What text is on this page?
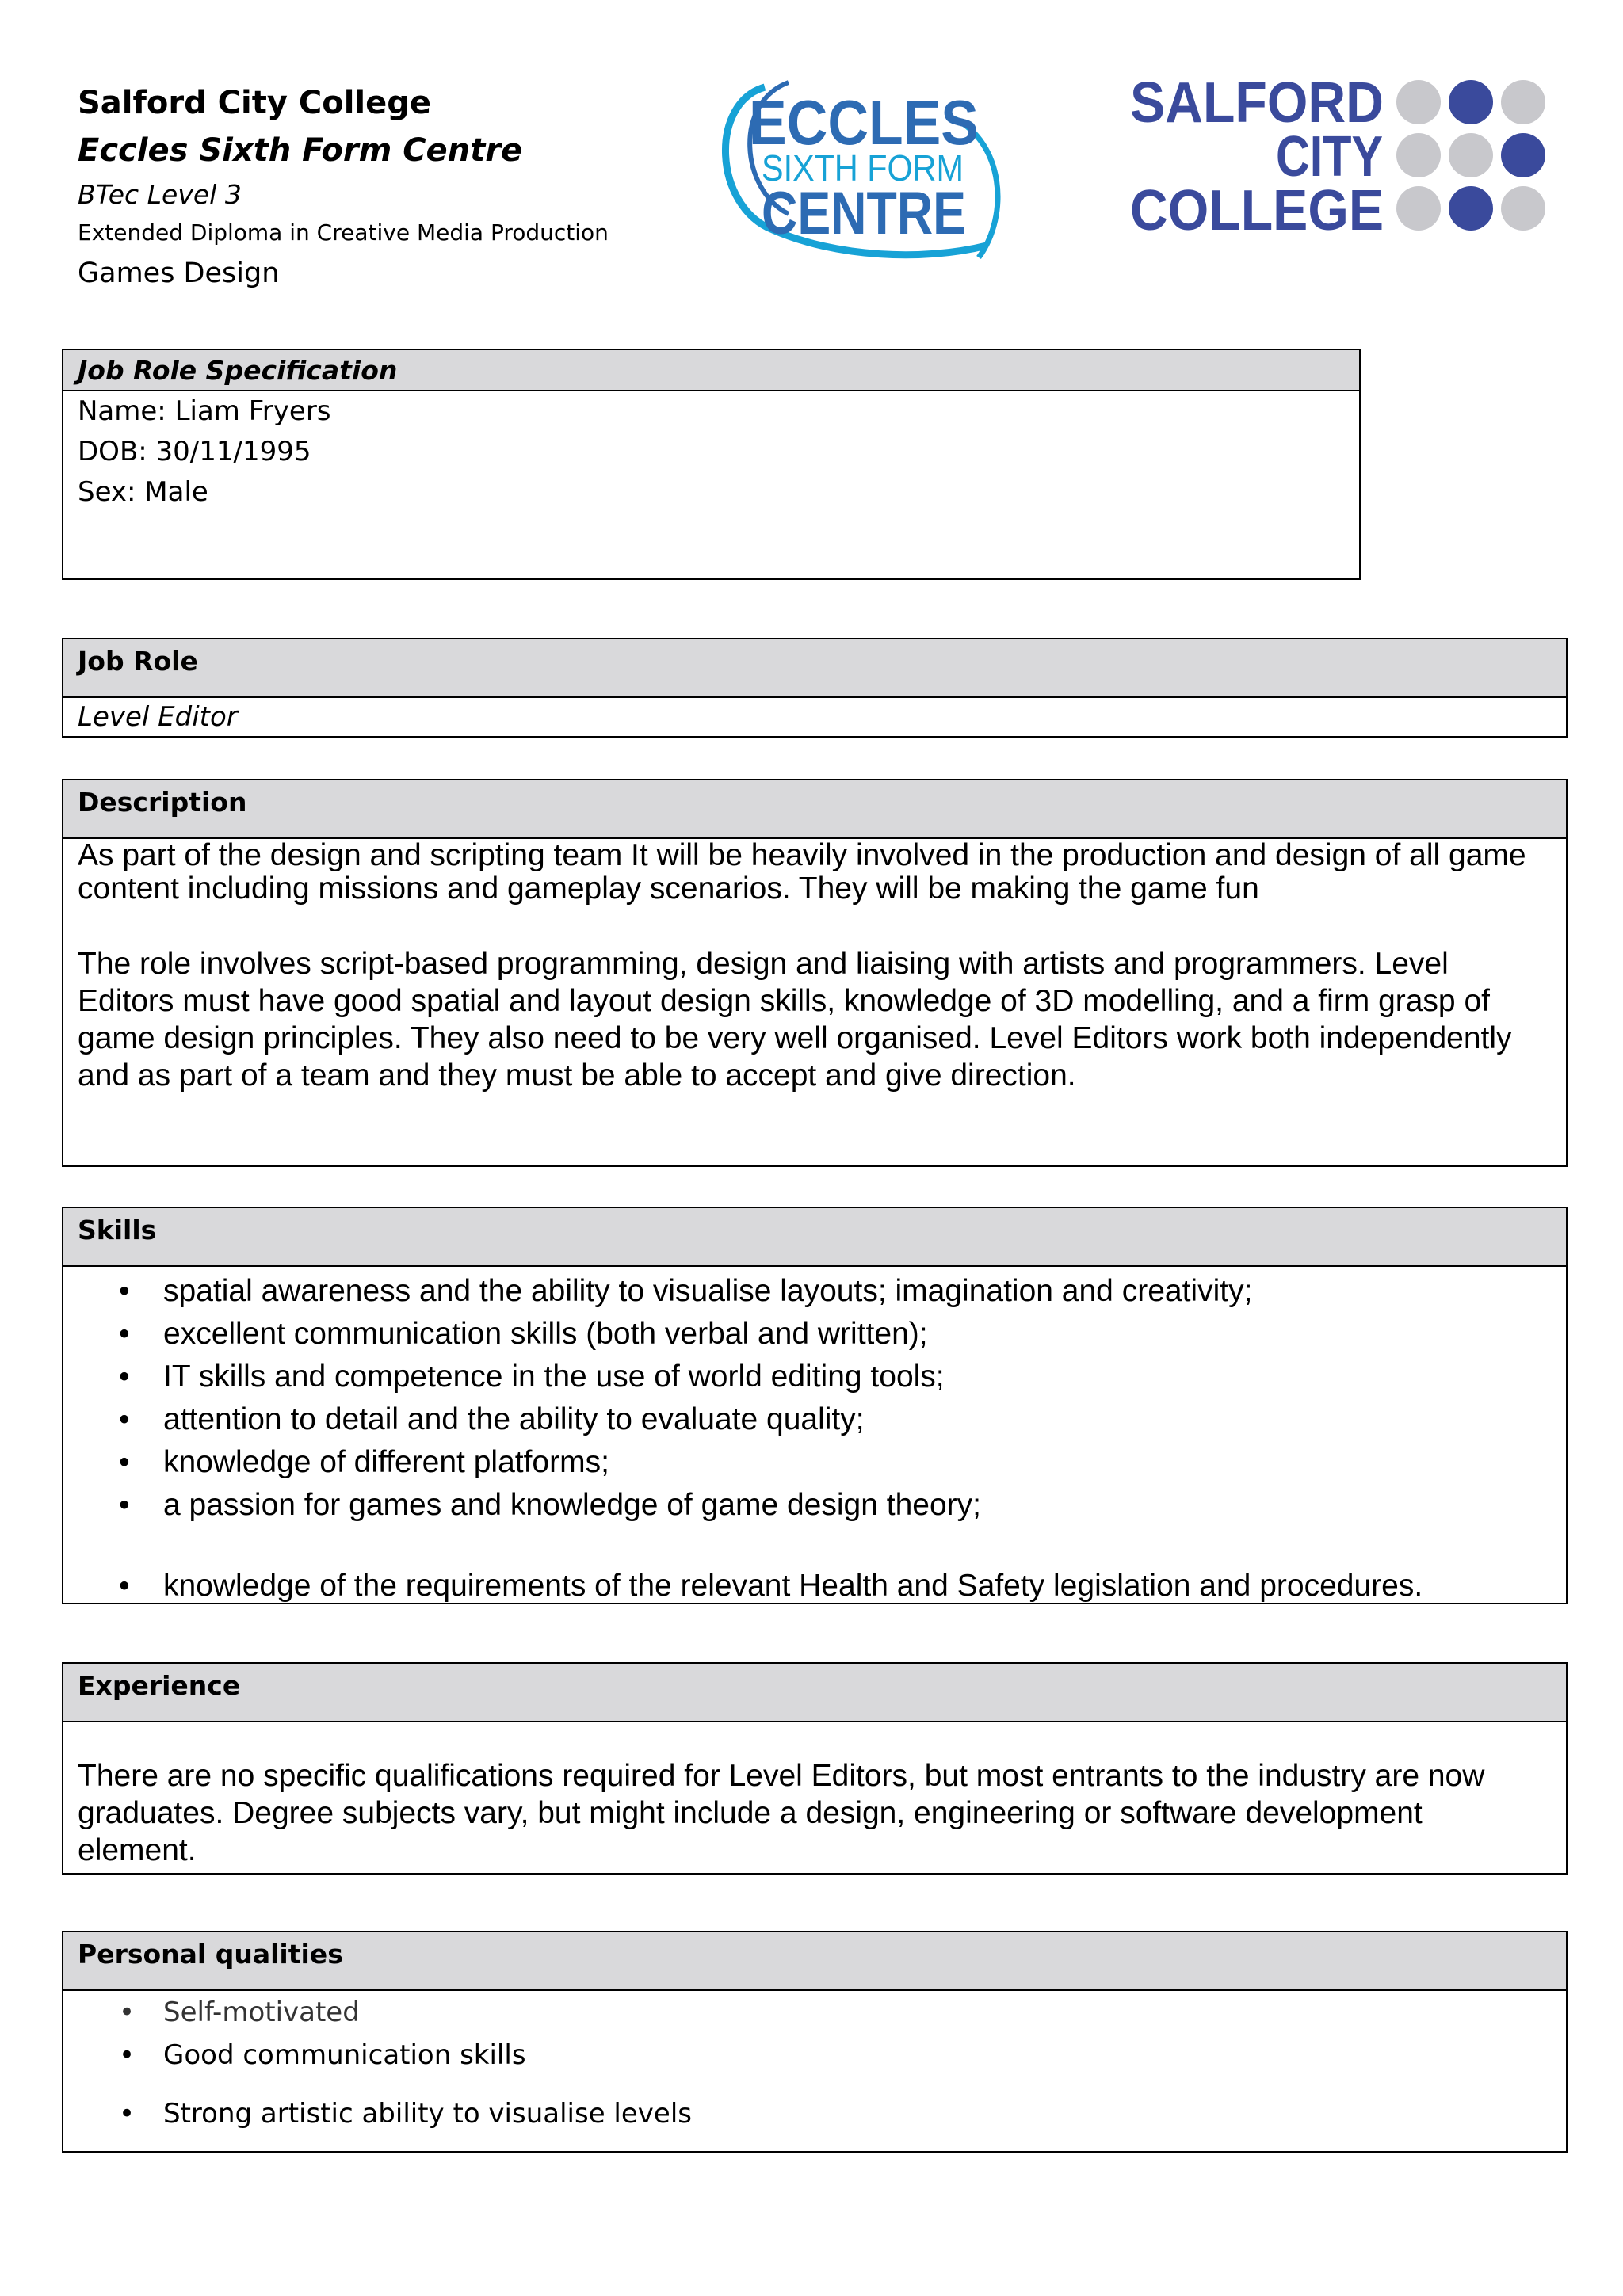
Salford City College
Eccles Sixth Form Centre
BTec Level 3
Extended Diploma in Creative Media Production
Games Design
ECCLES
SIXTH FORM
CENTRE
SALFORD
CITY
COLLEGE
Job Role Specification
Name: Liam Fryers
DOB: 30/11/1995
Sex: Male
Job Role
Level Editor
Description

As part of the design and scripting team It will be heavily involved in the production and design of all game content including missions and gameplay scenarios. They will be making the game fun

The role involves script-based programming, design and liaising with artists and programmers. Level Editors must have good spatial and layout design skills, knowledge of 3D modelling, and a firm grasp of game design principles. They also need to be very well organised. Level Editors work both independently and as part of a team and they must be able to accept and give direction.

Skills
• spatial awareness and the ability to visualise layouts; imagination and creativity;
• excellent communication skills (both verbal and written);
• IT skills and competence in the use of world editing tools;
• attention to detail and the ability to evaluate quality;
• knowledge of different platforms;
• a passion for games and knowledge of game design theory;
• knowledge of the requirements of the relevant Health and Safety legislation and procedures.
Experience

There are no specific qualifications required for Level Editors, but most entrants to the industry are now graduates. Degree subjects vary, but might include a design, engineering or software development element.

Personal qualities
• Self-motivated
• Good communication skills
• Strong artistic ability to visualise levels
